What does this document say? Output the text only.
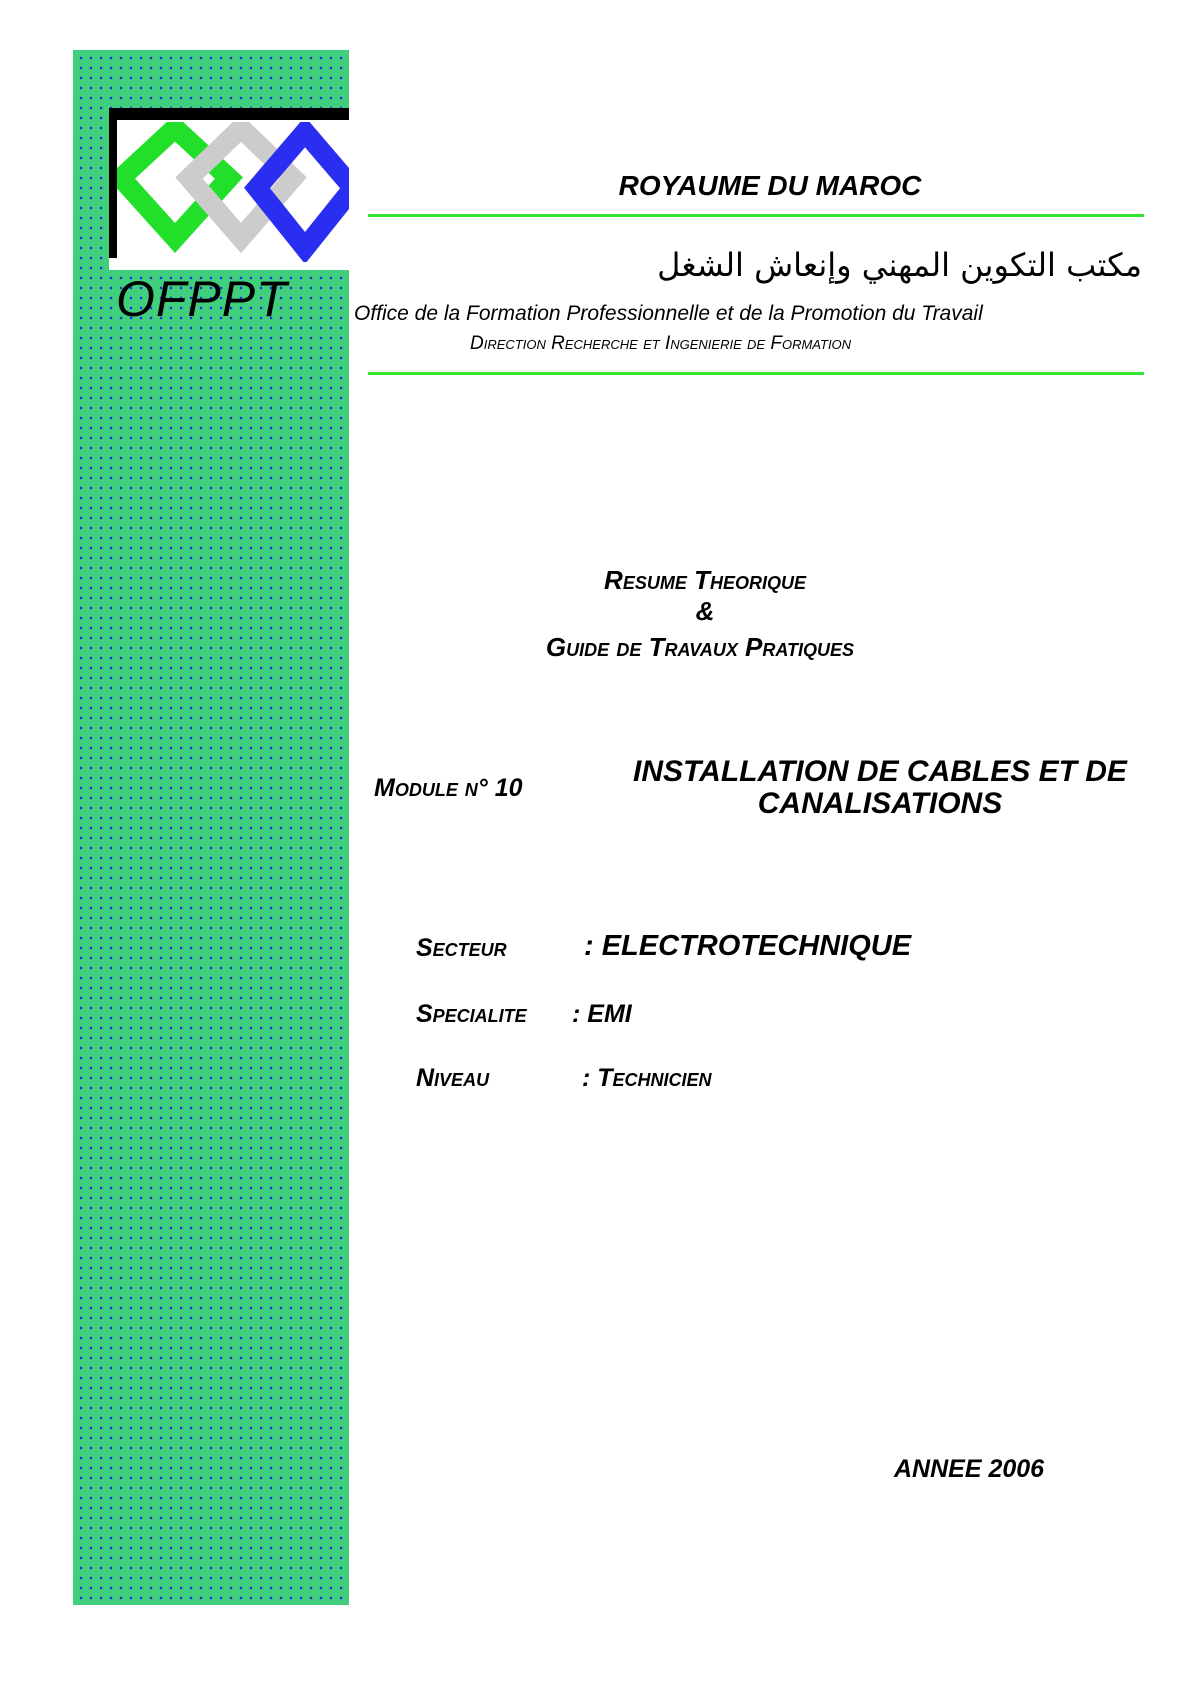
OFPPT

ROYAUME DU MAROC

مكتب التكوين المهني وإنعاش الشغل

Office de la Formation Professionnelle et de la Promotion du Travail

Direction Recherche et Ingenierie de Formation

Resume Theorique

&

Guide de Travaux Pratiques

Module n° 10	INSTALLATION DE CABLES ET DE

CANALISATIONS

Secteur	: ELECTROTECHNIQUE

Specialite : EMI

Niveau	: Technicien

ANNEE 2006
